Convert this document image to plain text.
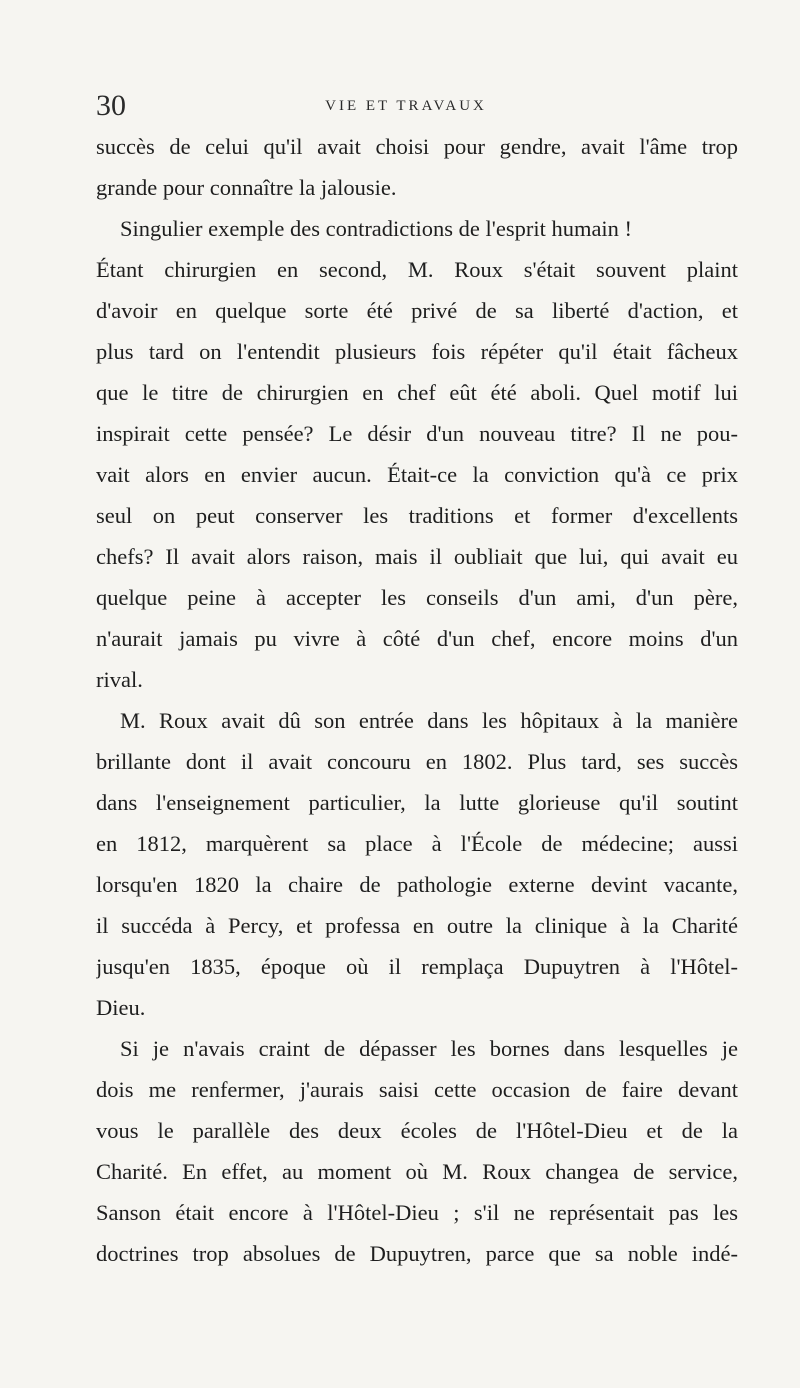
30	VIE ET TRAVAUX
succès de celui qu'il avait choisi pour gendre, avait l'âme trop
grande pour connaître la jalousie.
Singulier exemple des contradictions de l'esprit humain !
Étant chirurgien en second, M. Roux s'était souvent plaint
d'avoir en quelque sorte été privé de sa liberté d'action, et
plus tard on l'entendit plusieurs fois répéter qu'il était fâcheux
que le titre de chirurgien en chef eût été aboli. Quel motif lui
inspirait cette pensée? Le désir d'un nouveau titre? Il ne pou-
vait alors en envier aucun. Était-ce la conviction qu'à ce prix
seul on peut conserver les traditions et former d'excellents
chefs? Il avait alors raison, mais il oubliait que lui, qui avait eu
quelque peine à accepter les conseils d'un ami, d'un père,
n'aurait jamais pu vivre à côté d'un chef, encore moins d'un
rival.
M. Roux avait dû son entrée dans les hôpitaux à la manière
brillante dont il avait concouru en 1802. Plus tard, ses succès
dans l'enseignement particulier, la lutte glorieuse qu'il soutint
en 1812, marquèrent sa place à l'École de médecine; aussi
lorsqu'en 1820 la chaire de pathologie externe devint vacante,
il succéda à Percy, et professa en outre la clinique à la Charité
jusqu'en 1835, époque où il remplaça Dupuytren à l'Hôtel-
Dieu.
Si je n'avais craint de dépasser les bornes dans lesquelles je
dois me renfermer, j'aurais saisi cette occasion de faire devant
vous le parallèle des deux écoles de l'Hôtel-Dieu et de la
Charité. En effet, au moment où M. Roux changea de service,
Sanson était encore à l'Hôtel-Dieu ; s'il ne représentait pas les
doctrines trop absolues de Dupuytren, parce que sa noble indé-
